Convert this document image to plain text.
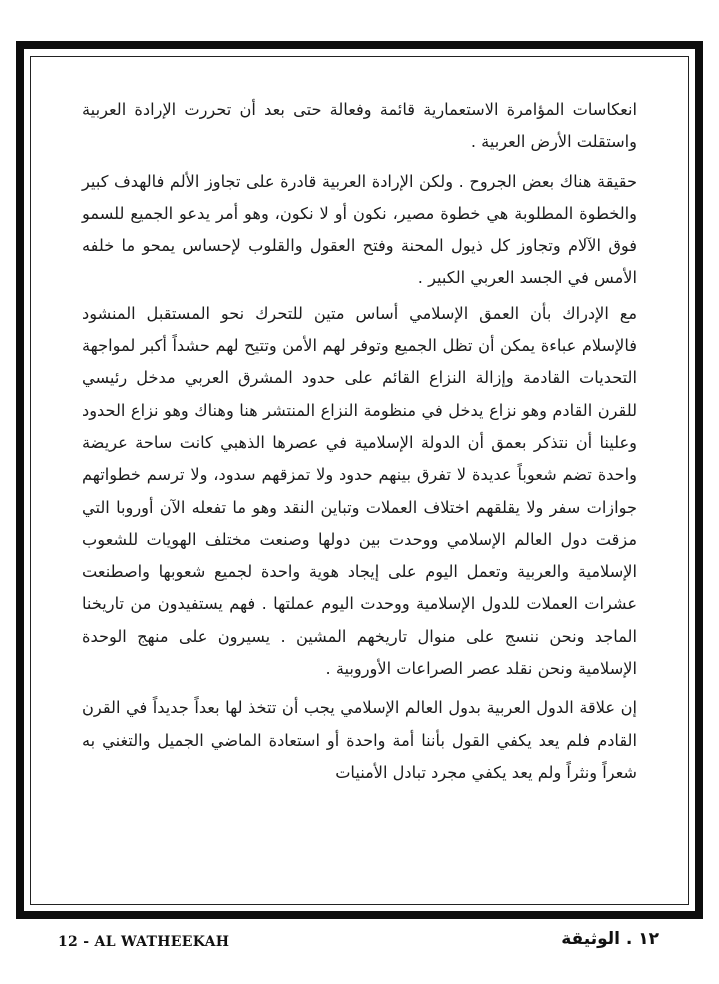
انعكاسات المؤامرة الاستعمارية قائمة وفعالة حتى بعد أن تحررت الإرادة العربية واستقلت الأرض العربية .

حقيقة هناك بعض الجروح . ولكن الإرادة العربية قادرة على تجاوز الألم فالهدف كبير والخطوة المطلوبة هي خطوة مصير، نكون أو لا نكون، وهو أمر يدعو الجميع للسمو فوق الآلام وتجاوز كل ذيول المحنة وفتح العقول والقلوب لإحساس يمحو ما خلفه الأمس في الجسد العربي الكبير .

مع الإدراك بأن العمق الإسلامي أساس متين للتحرك نحو المستقبل المنشود فالإسلام عباءة يمكن أن تظل الجميع وتوفر لهم الأمن وتتيح لهم حشداً أكبر لمواجهة التحديات القادمة وإزالة النزاع القائم على حدود المشرق العربي مدخل رئيسي للقرن القادم وهو نزاع يدخل في منظومة النزاع المنتشر هنا وهناك وهو نزاع الحدود وعلينا أن نتذكر بعمق أن الدولة الإسلامية في عصرها الذهبي كانت ساحة عريضة واحدة تضم شعوباً عديدة لا تفرق بينهم حدود ولا تمزقهم سدود، ولا ترسم خطواتهم جوازات سفر ولا يقلقهم اختلاف العملات وتباين النقد وهو ما تفعله الآن أوروبا التي مزقت دول العالم الإسلامي ووحدت بين دولها وصنعت مختلف الهويات للشعوب الإسلامية والعربية وتعمل اليوم على إيجاد هوية واحدة لجميع شعوبها واصطنعت عشرات العملات للدول الإسلامية ووحدت اليوم عملتها . فهم يستفيدون من تاريخنا الماجد ونحن ننسج على منوال تاريخهم المشين . يسيرون على منهج الوحدة الإسلامية ونحن نقلد عصر الصراعات الأوروبية .

إن علاقة الدول العربية بدول العالم الإسلامي يجب أن تتخذ لها بعداً جديداً في القرن القادم فلم يعد يكفي القول بأننا أمة واحدة أو استعادة الماضي الجميل والتغني به شعراً ونثراً ولم يعد يكفي مجرد تبادل الأمنيات

12 - AL WATHEEKAH	١٢ . الوثيقة
